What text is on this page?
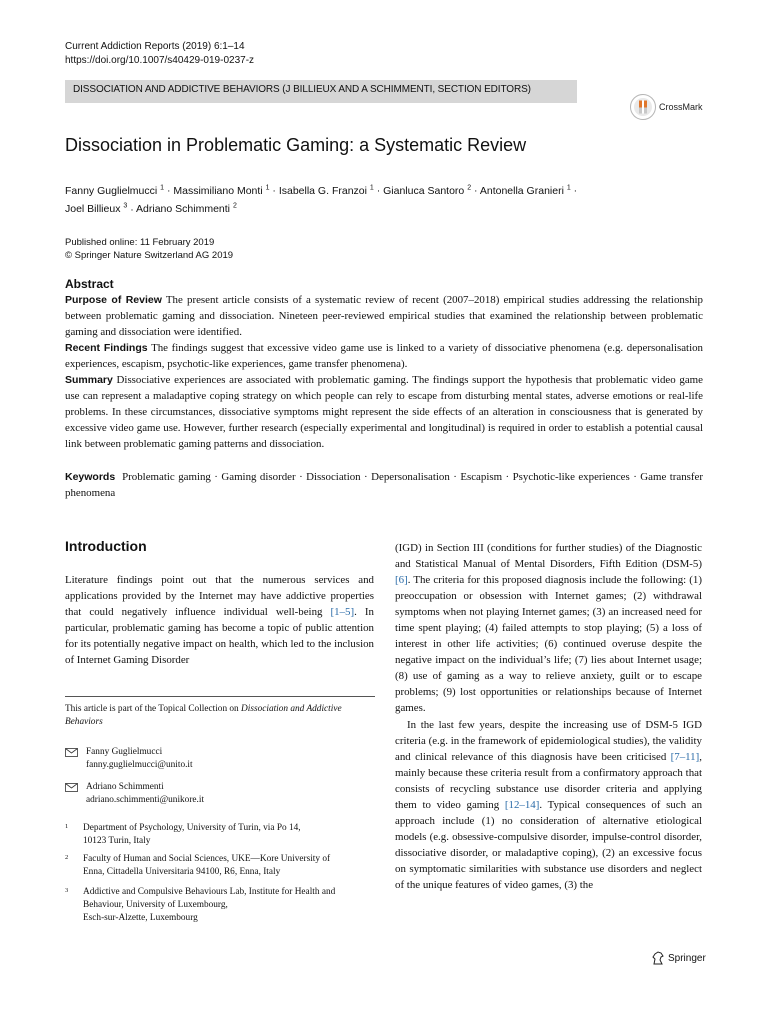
Current Addiction Reports (2019) 6:1–14
https://doi.org/10.1007/s40429-019-0237-z
DISSOCIATION AND ADDICTIVE BEHAVIORS (J BILLIEUX AND A SCHIMMENTI, SECTION EDITORS)
CrossMark
Dissociation in Problematic Gaming: a Systematic Review
Fanny Guglielmucci $^1$ · Massimiliano Monti $^1$ · Isabella G. Franzoi $^1$ · Gianluca Santoro $^2$ · Antonella Granieri $^1$ ·
Joel Billieux $^3$ · Adriano Schimmenti $^2$
Published online: 11 February 2019
© Springer Nature Switzerland AG 2019
Abstract

Purpose of Review The present article consists of a systematic review of recent (2007–2018) empirical studies addressing the relationship between problematic gaming and dissociation. Nineteen peer-reviewed empirical studies that examined the relationship between problematic gaming and dissociation were identified.

Recent Findings The findings suggest that excessive video game use is linked to a variety of dissociative phenomena (e.g. depersonalisation experiences, escapism, psychotic-like experiences, game transfer phenomena).

Summary Dissociative experiences are associated with problematic gaming. The findings support the hypothesis that problematic video game use can represent a maladaptive coping strategy on which people can rely to escape from disturbing mental states, adverse emotions or real-life problems. In these circumstances, dissociative symptoms might represent the side effects of an alteration in consciousness that is generated by excessive video game use. However, further research (especially experimental and longitudinal) is required in order to establish a potential causal link between problematic gaming patterns and dissociation.

Keywords Problematic gaming · Gaming disorder · Dissociation · Depersonalisation · Escapism · Psychotic-like experiences · Game transfer phenomena
Introduction

Literature findings point out that the numerous services and applications provided by the Internet may have addictive properties that could negatively influence individual well-being [1–5]. In particular, problematic gaming has become a topic of public attention for its potentially negative impact on health, which led to the inclusion of Internet Gaming Disorder

This article is part of the Topical Collection on Dissociation and Addictive Behaviors
Fanny Guglielmucci
fanny.guglielmucci@unito.it
Adriano Schimmenti
adriano.schimmenti@unikore.it
1	Department of Psychology, University of Turin, via Po 14,
10123 Turin, Italy
2	Faculty of Human and Social Sciences, UKE—Kore University of
Enna, Cittadella Universitaria 94100, R6, Enna, Italy
3	Addictive and Compulsive Behaviours Lab, Institute for Health and
Behaviour, University of Luxembourg,
Esch-sur-Alzette, Luxembourg

(IGD) in Section III (conditions for further studies) of the Diagnostic and Statistical Manual of Mental Disorders, Fifth Edition (DSM-5) [6]. The criteria for this proposed diagnosis include the following: (1) preoccupation or obsession with Internet games; (2) withdrawal symptoms when not playing Internet games; (3) an increased need for time spent playing; (4) failed attempts to stop playing; (5) a loss of interest in other life activities; (6) continued overuse despite the negative impact on the individual’s life; (7) lies about Internet usage; (8) use of gaming as a way to relieve anxiety, guilt or to escape problems; (9) lost opportunities or relationships because of Internet games.

In the last few years, despite the increasing use of DSM-5 IGD criteria (e.g. in the framework of epidemiological studies), the validity and clinical relevance of this diagnosis have been criticised [7–11], mainly because these criteria result from a confirmatory approach that consists of recycling substance use disorder criteria and applying them to video gaming [12–14]. Typical consequences of such an approach include (1) no consideration of alternative etiological models (e.g. obsessive-compulsive disorder, impulse-control disorder, dissociative disorder, or maladaptive coping), (2) an excessive focus on symptomatic similarities with substance use disorders and neglect of the unique features of video games, (3) the

Springer
